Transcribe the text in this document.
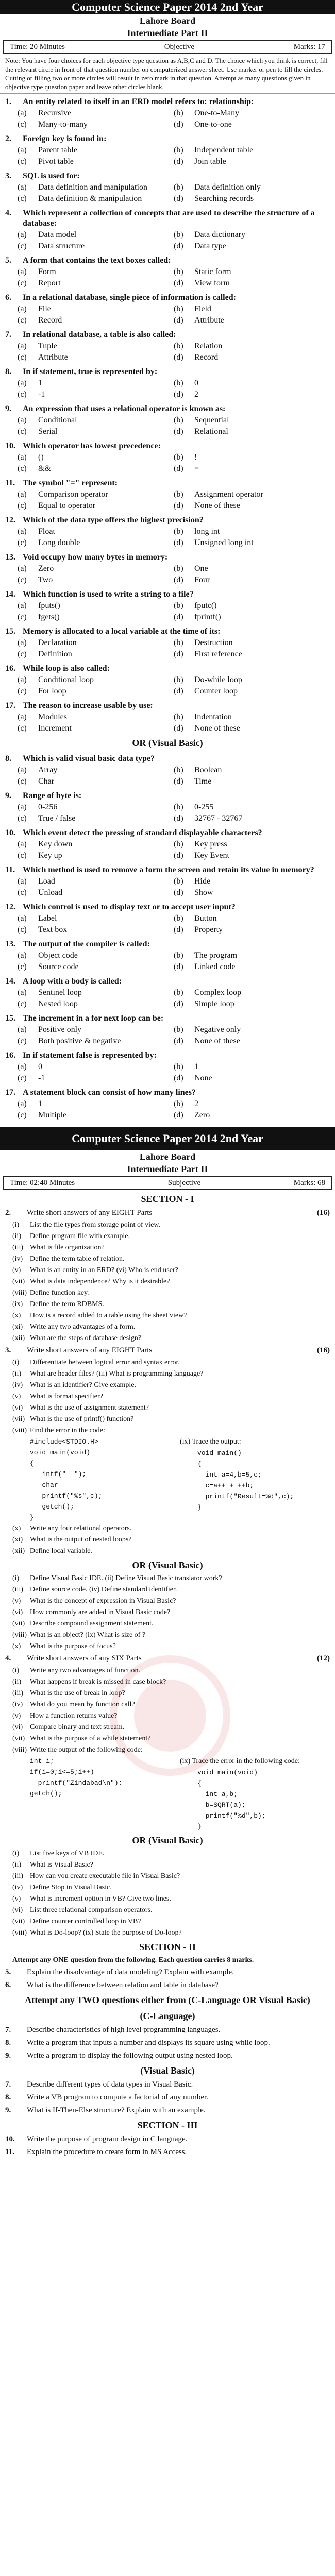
Computer Science Paper 2014 2nd Year
Lahore Board
Intermediate Part II
Time: 20 Minutes	Objective	Marks: 17
Note: You have four choices for each objective type question as A,B,C and D. The choice which you think is correct, fill the relevant circle in front of that question number on computerized answer sheet. Use marker or pen to fill the circles. Cutting or filling two or more circles will result in zero mark in that question. Attempt as many questions given in objective type question paper and leave other circles blank.
1.	An entity related to itself in an ERD model refers to: relationship:
(a)	Recursive	(b)	One-to-Many
(c)	Many-to-many	(d)	One-to-one
2.	Foreign key is found in:
(a)	Parent table	(b)	Independent table
(c)	Pivot table	(d)	Join table
3.	SQL is used for:
(a)	Data definition and manipulation	(b)	Data definition only
(c)	Data definition & manipulation	(d)	Searching records
4.	Which represent a collection of concepts that are used to describe the structure of a database:
(a)	Data model	(b)	Data dictionary
(c)	Data structure	(d)	Data type
5.	A form that contains the text boxes called:
(a)	Form	(b)	Static form
(c)	Report	(d)	View form
6.	In a relational database, single piece of information is called:
(a)	File	(b)	Field
(c)	Record	(d)	Attribute
7.	In relational database, a table is also called:
(a)	Tuple	(b)	Relation
(c)	Attribute	(d)	Record
8.	In if statement, true is represented by:
(a)	1	(b)	0
(c)	-1	(d)	2
9.	An expression that uses a relational operator is known as:
(a)	Conditional	(b)	Sequential
(c)	Serial	(d)	Relational
10. Which operator has lowest precedence:
(a)	()	(b)	!
(c)	&&	(d)	=
11. The symbol "=" represent:
(a)	Comparison operator	(b)	Assignment operator
(c)	Equal to operator	(d)	None of these
12. Which of the data type offers the highest precision?
(a)	Float	(b)	long int
(c)	Long double	(d)	Unsigned long int
13. Void occupy how many bytes in memory:
(a)	Zero	(b)	One
(c)	Two	(d)	Four
14. Which function is used to write a string to a file?
(a)	fputs()	(b)	fputc()
(c)	fgets()	(d)	fprintf()
15. Memory is allocated to a local variable at the time of its:
(a)	Declaration	(b)	Destruction
(c)	Definition	(d)	First reference
16. While loop is also called:
(a)	Conditional loop	(b)	Do-while loop
(c)	For loop	(d)	Counter loop
17. The reason to increase usable by use:
(a)	Modules	(b)	Indentation
(c)	Increment	(d)	None of these
OR (Visual Basic)
8.	Which is valid visual basic data type?
(a)	Array	(b)	Boolean
(c)	Char	(d)	Time
9.	Range of byte is:
(a)	0-256	(b)	0-255
(c)	True / false	(d)	32767 - 32767
10. Which event detect the pressing of standard displayable characters?
(a)	Key down	(b)	Key press
(c)	Key up	(d)	Key Event
11. Which method is used to remove a form the screen and retain its value in memory?
(a)	Load	(b)	Hide
(c)	Unload	(d)	Show
12. Which control is used to display text or to accept user input?
(a)	Label	(b)	Button
(c)	Text box	(d)	Property
13. The output of the compiler is called:
(a)	Object code	(b)	The program
(c)	Source code	(d)	Linked code
14. A loop with a body is called:
(a)	Sentinel loop	(b)	Complex loop
(c)	Nested loop	(d)	Simple loop
15. The increment in a for next loop can be:
(a)	Positive only	(b)	Negative only
(c)	Both positive & negative	(d)	None of these
16. In if statement false is represented by:
(a)	0	(b)	1
(c)	-1	(d)	None
17. A statement block can consist of how many lines?
(a)	1	(b)	2
(c)	Multiple	(d)	Zero
Computer Science Paper 2014 2nd Year
Lahore Board
Intermediate Part II
Time: 02:40 Minutes	Subjective	Marks: 68
SECTION - I
2.	Write short answers of any EIGHT Parts	(16)
(i)	List the file types from storage point of view.
(ii)	Define program file with example.
(iii) What is file organization?
(iv) Define the term table of relation.
(v)	What is an entity in an ERD? (vi) Who is end user?
(vii) What is data independence? Why is it desirable?
(viii) Define function key.
(ix) Define the term RDBMS.
(x)	How is a record added to a table using the sheet view?
(xi) Write any two advantages of a form.
(xii) What are the steps of database design?
3.	Write short answers of any EIGHT Parts	(16)
(i)	Differentiate between logical error and syntax error.
(ii)	What are header files? (iii) What is programming language?
(iv) What is an identifier? Give example.
(v)	What is format specifier?
(vi) What is the use of assignment statement?
(vii) What is the use of printf() function?
(viii) Find the error in the code:
#include<STDIO.H>
void main(void)
{
intf("  ");
char
printf("%s",c);
getch();
}
(ix) Trace the output:
void main()
{
int a=4,b=5,c;
c=a++ + ++b;
printf("Result=%d",c);
}
(x)	Write any four relational operators.
(xi) What is the output of nested loops?
(xii) Define local variable.
OR (Visual Basic)
(i)	Define Visual Basic IDE. (ii) Define Visual Basic translator work?
(iii) Define source code. (iv) Define standard identifier.
(v)	What is the concept of expression in Visual Basic?
(vi) How commonly are added in Visual Basic code?
(vii) Describe compound assignment statement.
(viii) What is an object? (ix) What is size of ?
(x)	What is the purpose of focus?
4.	Write short answers of any SIX Parts	(12)
(i)	Write any two advantages of function.
(ii)	What happens if break is missed in case block?
(iii) What is the use of break in loop?
(iv) What do you mean by function call?
(v)	How a function returns value?
(vi) Compare binary and text stream.
(vii) What is the purpose of a while statement?
(viii) Write the output of the following code:
int i;
if(i=0;i<=5;i++)
printf("Zindabad\n");
getch();
(ix) Trace the error in the following code:
void main(void)
{
int a,b;
b=SQRT(a);
printf("%d",b);
}
OR (Visual Basic)
(i)	List five keys of VB IDE.
(ii)	What is Visual Basic?
(iii) How can you create executable file in Visual Basic?
(iv) Define Stop in Visual Basic.
(v)	What is increment option in VB? Give two lines.
(vi) List three relational comparison operators.
(vii) Define counter controlled loop in VB?
(viii) What is Do-loop? (ix) State the purpose of Do-loop?
SECTION - II
Attempt any ONE question from the following. Each question carries 8 marks.
5.	Explain the disadvantage of data modeling? Explain with example.
6.	What is the difference between relation and table in database?
Attempt any TWO questions either from (C-Language OR Visual Basic)
(C-Language)
7.	Describe characteristics of high level programming languages.
8.	Write a program that inputs a number and displays its square using while loop.
9.	Write a program to display the following output using nested loop.
(Visual Basic)
7.	Describe different types of data types in Visual Basic.
8.	Write a VB program to compute a factorial of any number.
9.	What is If-Then-Else structure? Explain with an example.
SECTION - III
10.	Write the purpose of program design in C language.
11.	Explain the procedure to create form in MS Access.
